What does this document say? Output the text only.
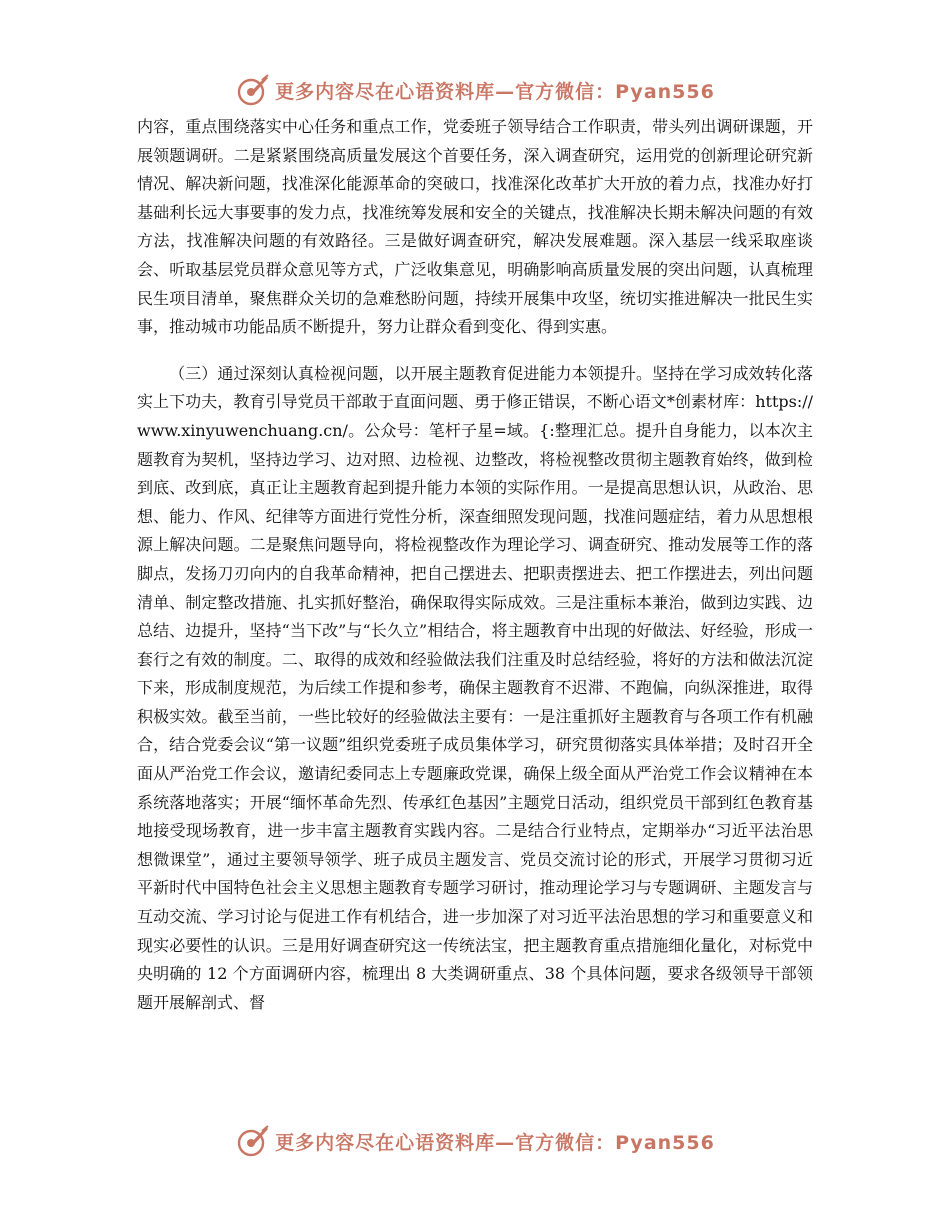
更多内容尽在心语资料库—官方微信：Pyan556

内容，重点围绕落实中心任务和重点工作，党委班子领导结合工作职责，带头列出调研课题，开展领题调研。二是紧紧围绕高质量发展这个首要任务，深入调查研究，运用党的创新理论研究新情况、解决新问题，找准深化能源革命的突破口，找准深化改革扩大开放的着力点，找准办好打基础利长远大事要事的发力点，找准统筹发展和安全的关键点，找准解决长期未解决问题的有效方法，找准解决问题的有效路径。三是做好调查研究，解决发展难题。深入基层一线采取座谈会、听取基层党员群众意见等方式，广泛收集意见，明确影响高质量发展的突出问题，认真梳理民生项目清单，聚焦群众关切的急难愁盼问题，持续开展集中攻坚，统切实推进解决一批民生实事，推动城市功能品质不断提升，努力让群众看到变化、得到实惠。

（三）通过深刻认真检视问题，以开展主题教育促进能力本领提升。坚持在学习成效转化落实上下功夫，教育引导党员干部敢于直面问题、勇于修正错误，不断心语文*创素材库：https://www.xinyuwenchuang.cn/。公众号：笔杆子星=域。{:整理汇总。提升自身能力，以本次主题教育为契机，坚持边学习、边对照、边检视、边整改，将检视整改贯彻主题教育始终，做到检到底、改到底，真正让主题教育起到提升能力本领的实际作用。一是提高思想认识，从政治、思想、能力、作风、纪律等方面进行党性分析，深查细照发现问题，找准问题症结，着力从思想根源上解决问题。二是聚焦问题导向，将检视整改作为理论学习、调查研究、推动发展等工作的落脚点，发扬刀刃向内的自我革命精神，把自己摆进去、把职责摆进去、把工作摆进去，列出问题清单、制定整改措施、扎实抓好整治，确保取得实际成效。三是注重标本兼治，做到边实践、边总结、边提升，坚持“当下改”与“长久立”相结合，将主题教育中出现的好做法、好经验，形成一套行之有效的制度。二、取得的成效和经验做法我们注重及时总结经验，将好的方法和做法沉淀下来，形成制度规范，为后续工作提和参考，确保主题教育不迟滞、不跑偏，向纵深推进，取得积极实效。截至当前，一些比较好的经验做法主要有：一是注重抓好主题教育与各项工作有机融合，结合党委会议“第一议题”组织党委班子成员集体学习，研究贯彻落实具体举措；及时召开全面从严治党工作会议，邀请纪委同志上专题廉政党课，确保上级全面从严治党工作会议精神在本系统落地落实；开展“缅怀革命先烈、传承红色基因”主题党日活动，组织党员干部到红色教育基地接受现场教育，进一步丰富主题教育实践内容。二是结合行业特点，定期举办“习近平法治思想微课堂”，通过主要领导领学、班子成员主题发言、党员交流讨论的形式，开展学习贯彻习近平新时代中国特色社会主义思想主题教育专题学习研讨，推动理论学习与专题调研、主题发言与互动交流、学习讨论与促进工作有机结合，进一步加深了对习近平法治思想的学习和重要意义和现实必要性的认识。三是用好调查研究这一传统法宝，把主题教育重点措施细化量化，对标党中央明确的 12 个方面调研内容，梳理出 8 大类调研重点、38 个具体问题，要求各级领导干部领题开展解剖式、督

更多内容尽在心语资料库—官方微信：Pyan556
